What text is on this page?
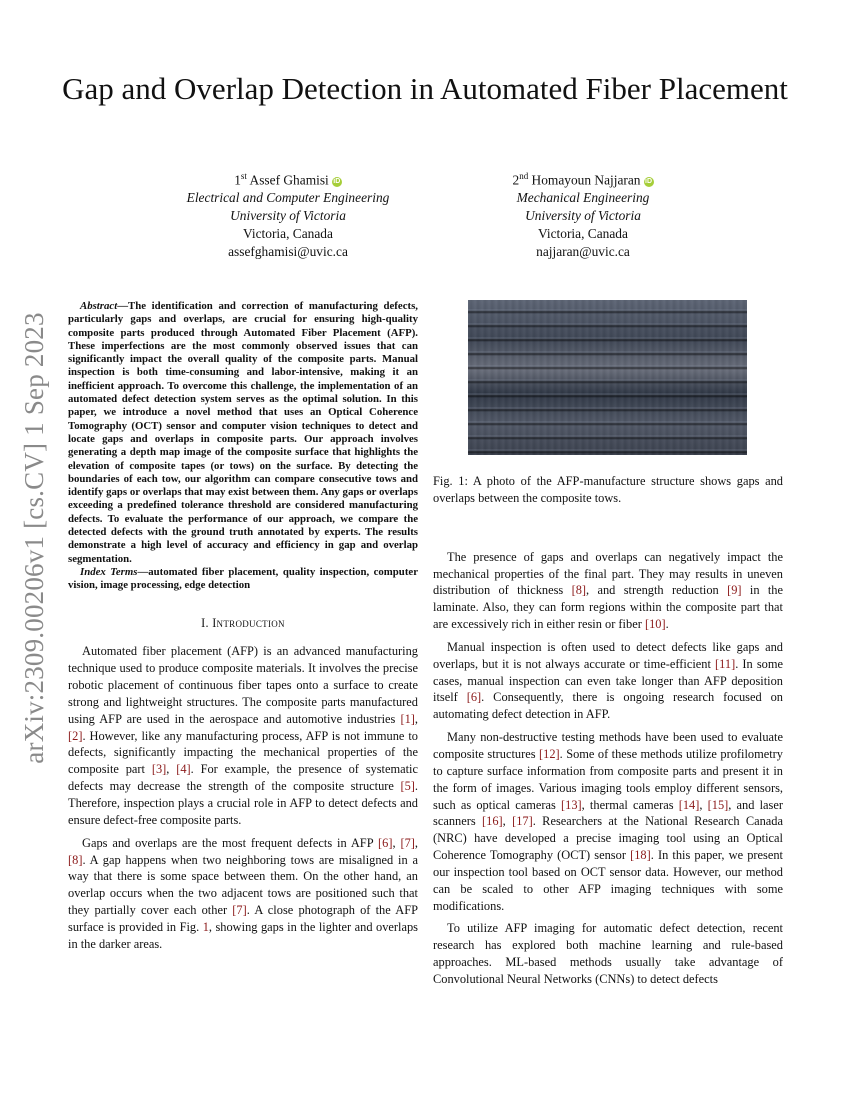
Gap and Overlap Detection in Automated Fiber Placement
1st Assef Ghamisi iD
Electrical and Computer Engineering
University of Victoria
Victoria, Canada
assefghamisi@uvic.ca
2nd Homayoun Najjaran iD
Mechanical Engineering
University of Victoria
Victoria, Canada
najjaran@uvic.ca
arXiv:2309.00206v1 [cs.CV] 1 Sep 2023

Abstract—The identification and correction of manufacturing defects, particularly gaps and overlaps, are crucial for ensuring high-quality composite parts produced through Automated Fiber Placement (AFP). These imperfections are the most commonly observed issues that can significantly impact the overall quality of the composite parts. Manual inspection is both time-consuming and labor-intensive, making it an inefficient approach. To overcome this challenge, the implementation of an automated defect detection system serves as the optimal solution. In this paper, we introduce a novel method that uses an Optical Coherence Tomography (OCT) sensor and computer vision techniques to detect and locate gaps and overlaps in composite parts. Our approach involves generating a depth map image of the composite surface that highlights the elevation of composite tapes (or tows) on the surface. By detecting the boundaries of each tow, our algorithm can compare consecutive tows and identify gaps or overlaps that may exist between them. Any gaps or overlaps exceeding a predefined tolerance threshold are considered manufacturing defects. To evaluate the performance of our approach, we compare the detected defects with the ground truth annotated by experts. The results demonstrate a high level of accuracy and efficiency in gap and overlap segmentation.

Index Terms—automated fiber placement, quality inspection, computer vision, image processing, edge detection

I. Introduction

Automated fiber placement (AFP) is an advanced manufacturing technique used to produce composite materials. It involves the precise robotic placement of continuous fiber tapes onto a surface to create strong and lightweight structures. The composite parts manufactured using AFP are used in the aerospace and automotive industries [1], [2]. However, like any manufacturing process, AFP is not immune to defects, significantly impacting the mechanical properties of the composite part [3], [4]. For example, the presence of systematic defects may decrease the strength of the composite structure [5]. Therefore, inspection plays a crucial role in AFP to detect defects and ensure defect-free composite parts.

Gaps and overlaps are the most frequent defects in AFP [6], [7], [8]. A gap happens when two neighboring tows are misaligned in a way that there is some space between them. On the other hand, an overlap occurs when the two adjacent tows are positioned such that they partially cover each other [7]. A close photograph of the AFP surface is provided in Fig. 1, showing gaps in the lighter and overlaps in the darker areas.

Fig. 1: A photo of the AFP-manufacture structure shows gaps and overlaps between the composite tows.

The presence of gaps and overlaps can negatively impact the mechanical properties of the final part. They may results in uneven distribution of thickness [8], and strength reduction [9] in the laminate. Also, they can form regions within the composite part that are excessively rich in either resin or fiber [10].

Manual inspection is often used to detect defects like gaps and overlaps, but it is not always accurate or time-efficient [11]. In some cases, manual inspection can even take longer than AFP deposition itself [6]. Consequently, there is ongoing research focused on automating defect detection in AFP.

Many non-destructive testing methods have been used to evaluate composite structures [12]. Some of these methods utilize profilometry to capture surface information from composite parts and present it in the form of images. Various imaging tools employ different sensors, such as optical cameras [13], thermal cameras [14], [15], and laser scanners [16], [17]. Researchers at the National Research Canada (NRC) have developed a precise imaging tool using an Optical Coherence Tomography (OCT) sensor [18]. In this paper, we present our inspection tool based on OCT sensor data. However, our method can be scaled to other AFP imaging techniques with some modifications.

To utilize AFP imaging for automatic defect detection, recent research has explored both machine learning and rule-based approaches. ML-based methods usually take advantage of Convolutional Neural Networks (CNNs) to detect defects
